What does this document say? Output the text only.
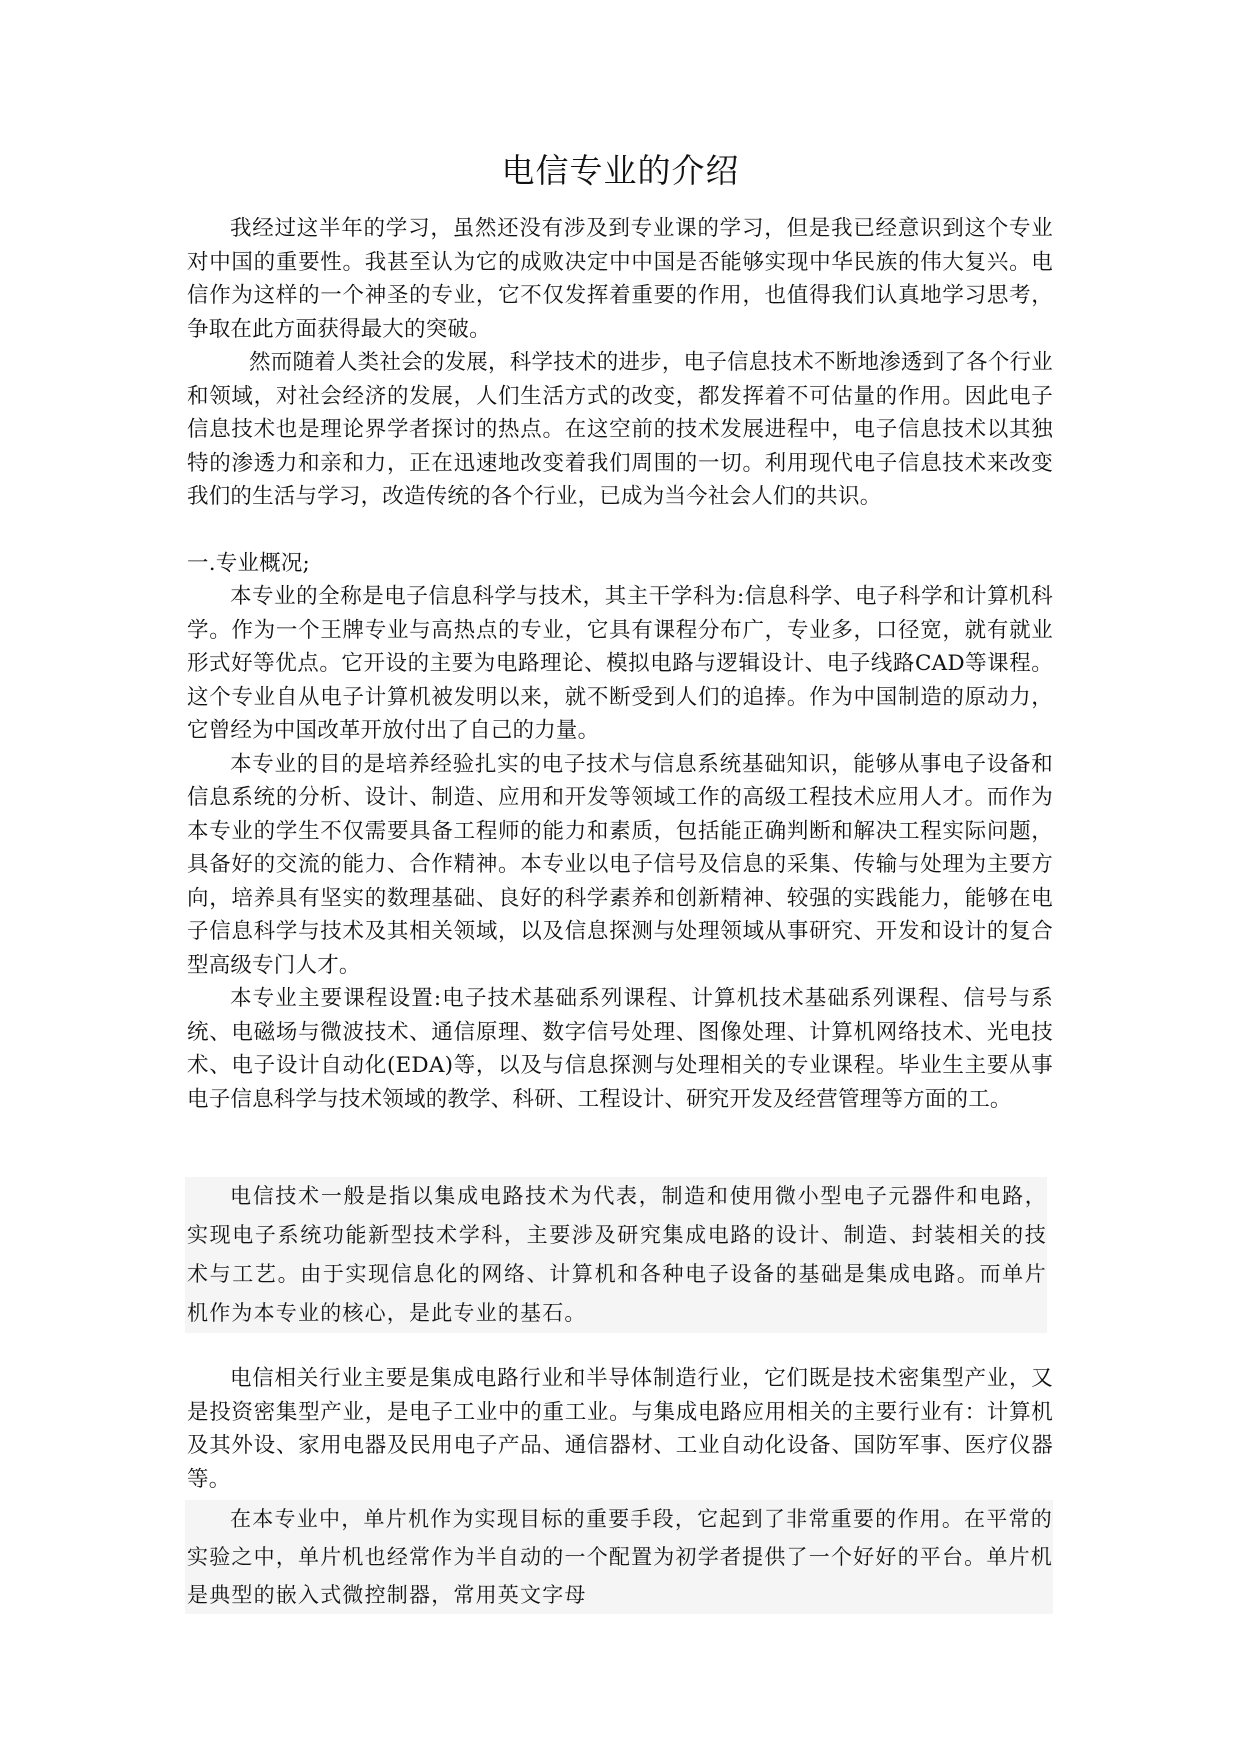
电信专业的介绍

我经过这半年的学习，虽然还没有涉及到专业课的学习，但是我已经意识到这个专业对中国的重要性。我甚至认为它的成败决定中中国是否能够实现中华民族的伟大复兴。电信作为这样的一个神圣的专业，它不仅发挥着重要的作用，也值得我们认真地学习思考，争取在此方面获得最大的突破。

然而随着人类社会的发展，科学技术的进步，电子信息技术不断地渗透到了各个行业和领域，对社会经济的发展，人们生活方式的改变，都发挥着不可估量的作用。因此电子信息技术也是理论界学者探讨的热点。在这空前的技术发展进程中，电子信息技术以其独特的渗透力和亲和力，正在迅速地改变着我们周围的一切。利用现代电子信息技术来改变我们的生活与学习，改造传统的各个行业，已成为当今社会人们的共识。

一.专业概况;

本专业的全称是电子信息科学与技术，其主干学科为:信息科学、电子科学和计算机科学。作为一个王牌专业与高热点的专业，它具有课程分布广，专业多，口径宽，就有就业形式好等优点。它开设的主要为电路理论、模拟电路与逻辑设计、电子线路CAD等课程。这个专业自从电子计算机被发明以来，就不断受到人们的追捧。作为中国制造的原动力，它曾经为中国改革开放付出了自己的力量。

本专业的目的是培养经验扎实的电子技术与信息系统基础知识，能够从事电子设备和信息系统的分析、设计、制造、应用和开发等领域工作的高级工程技术应用人才。而作为本专业的学生不仅需要具备工程师的能力和素质，包括能正确判断和解决工程实际问题，具备好的交流的能力、合作精神。本专业以电子信号及信息的采集、传输与处理为主要方向，培养具有坚实的数理基础、良好的科学素养和创新精神、较强的实践能力，能够在电子信息科学与技术及其相关领域，以及信息探测与处理领域从事研究、开发和设计的复合型高级专门人才。

本专业主要课程设置:电子技术基础系列课程、计算机技术基础系列课程、信号与系统、电磁场与微波技术、通信原理、数字信号处理、图像处理、计算机网络技术、光电技术、电子设计自动化(EDA)等，以及与信息探测与处理相关的专业课程。毕业生主要从事电子信息科学与技术领域的教学、科研、工程设计、研究开发及经营管理等方面的工。

电信技术一般是指以集成电路技术为代表，制造和使用微小型电子元器件和电路，实现电子系统功能新型技术学科，主要涉及研究集成电路的设计、制造、封装相关的技术与工艺。由于实现信息化的网络、计算机和各种电子设备的基础是集成电路。而单片机作为本专业的核心，是此专业的基石。

电信相关行业主要是集成电路行业和半导体制造行业，它们既是技术密集型产业，又是投资密集型产业，是电子工业中的重工业。与集成电路应用相关的主要行业有：计算机及其外设、家用电器及民用电子产品、通信器材、工业自动化设备、国防军事、医疗仪器等。

在本专业中，单片机作为实现目标的重要手段，它起到了非常重要的作用。在平常的实验之中，单片机也经常作为半自动的一个配置为初学者提供了一个好好的平台。单片机是典型的嵌入式微控制器，常用英文字母
